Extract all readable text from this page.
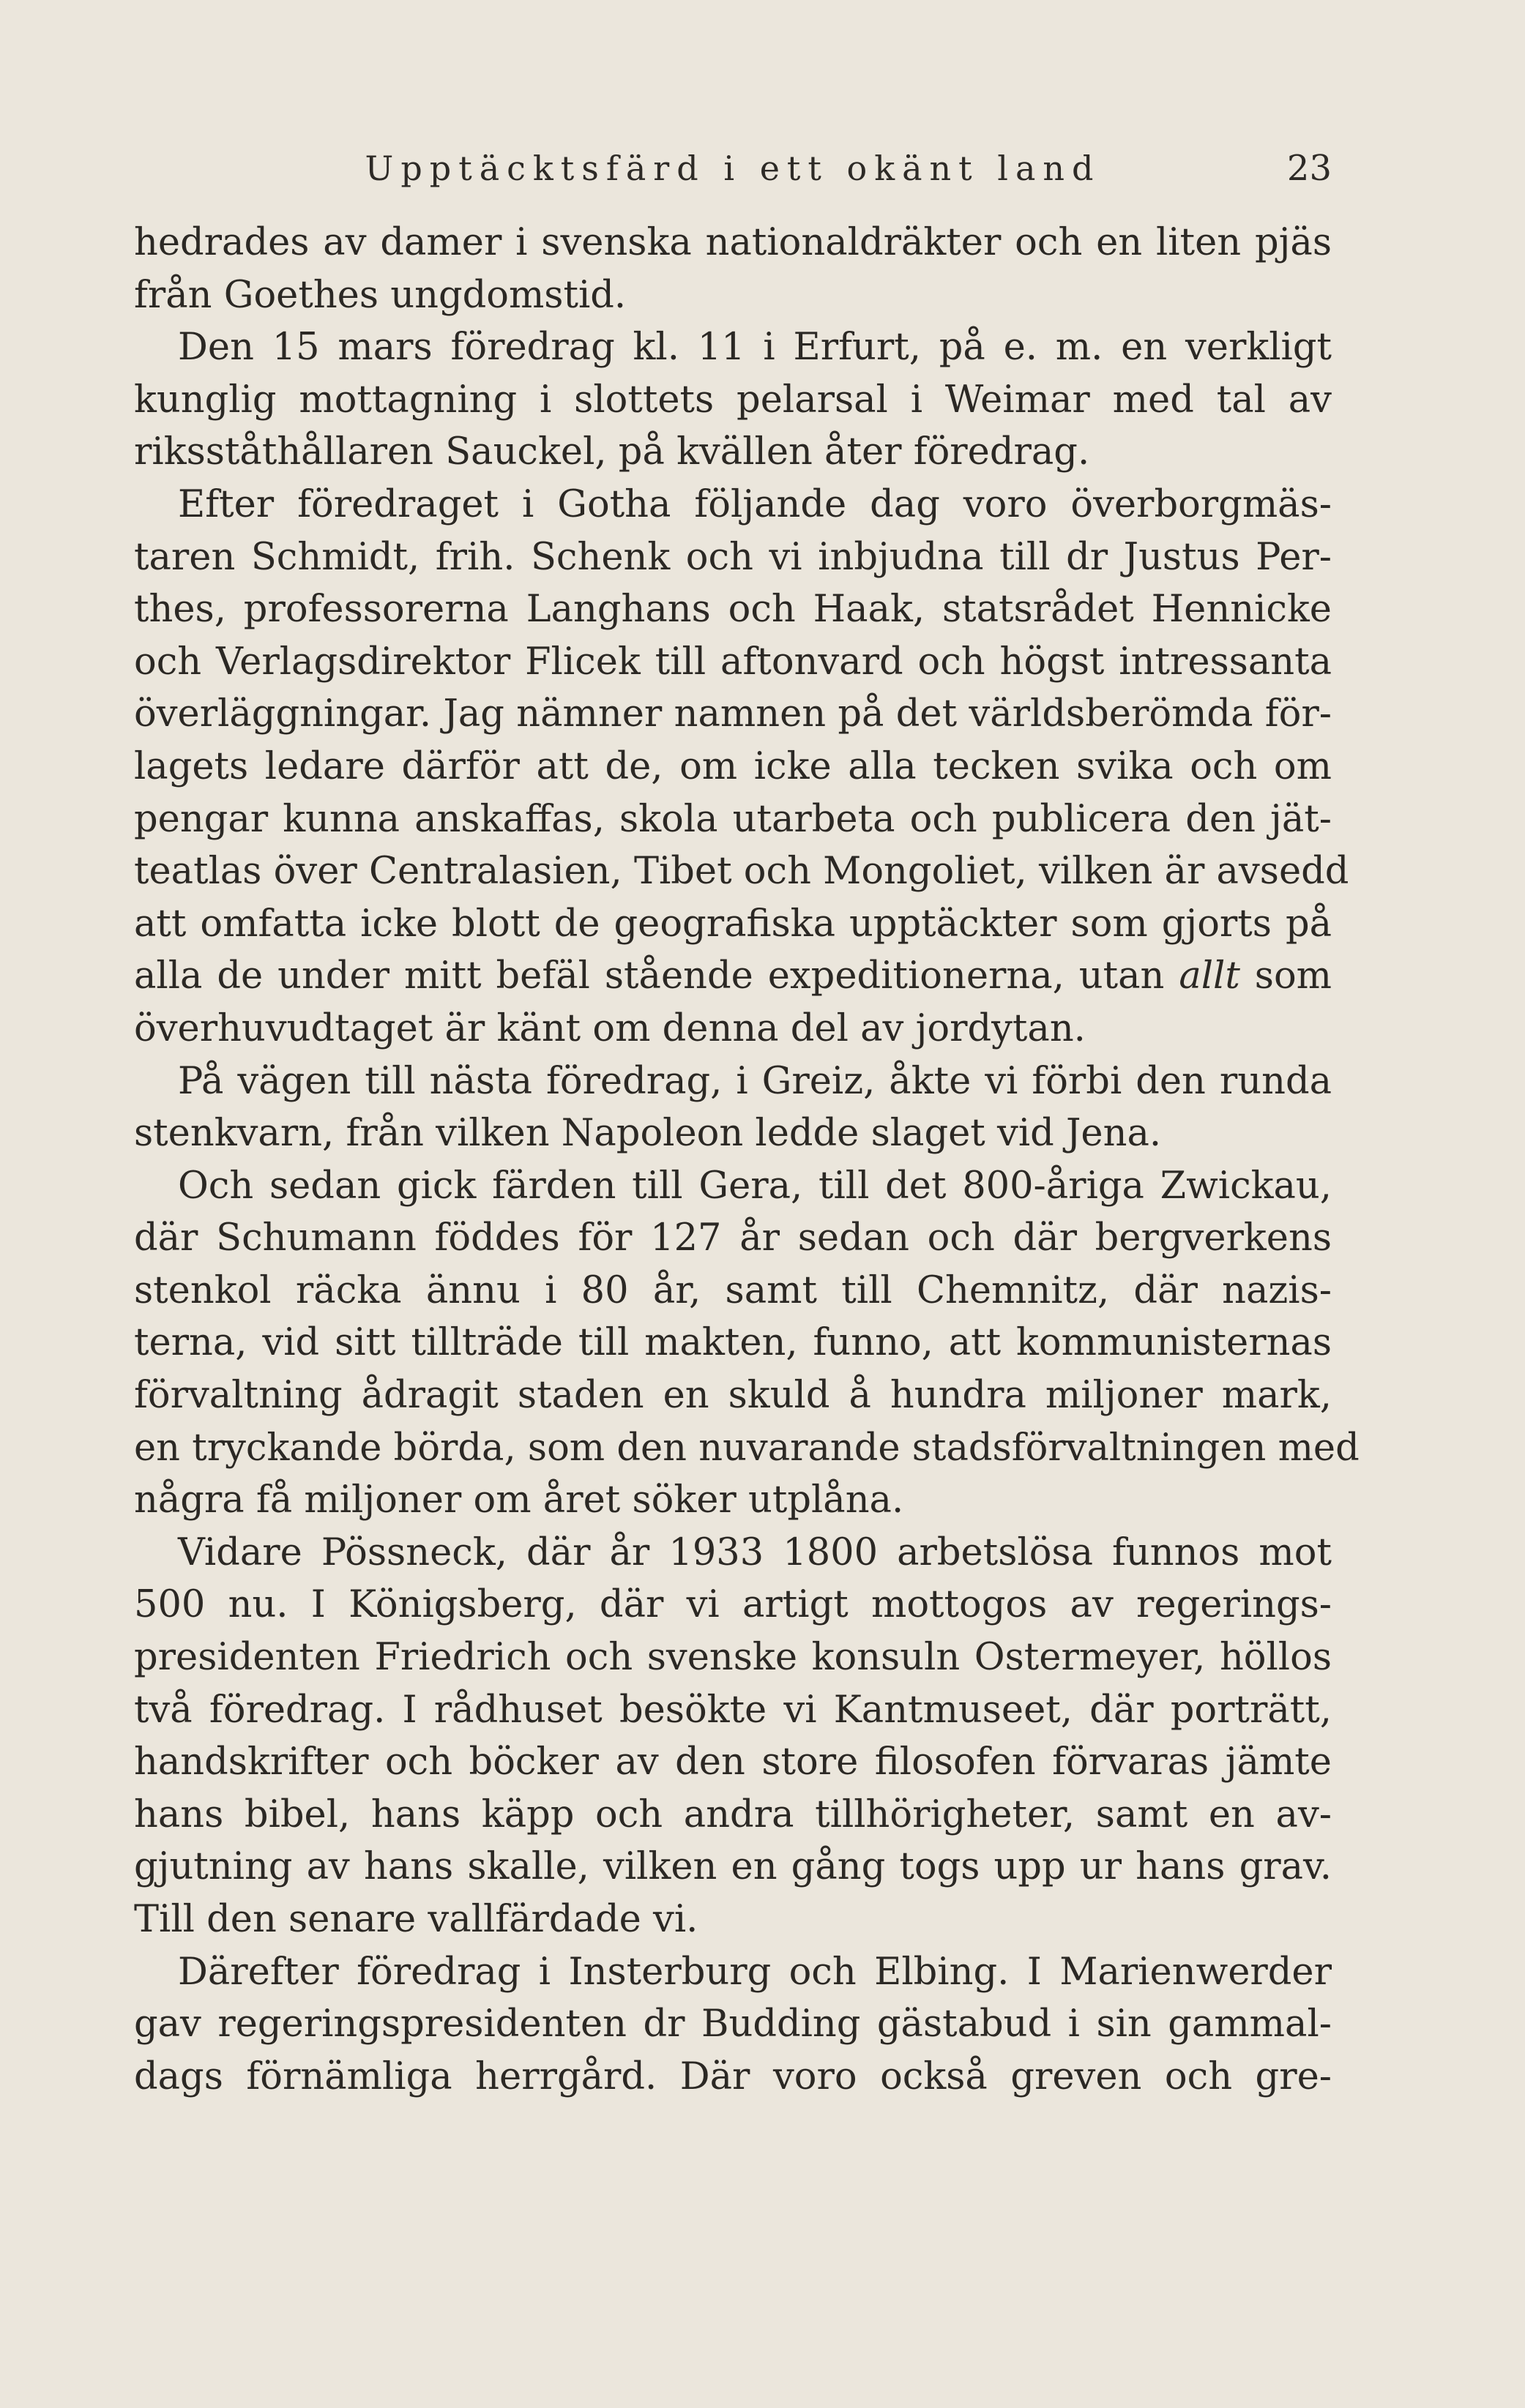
Upptäcktsfärd i ett okänt land	23
hedrades av damer i svenska nationaldräkter och en liten pjäs
från Goethes ungdomstid.
Den 15 mars föredrag kl. 11 i Erfurt, på e. m. en verkligt
kunglig mottagning i slottets pelarsal i Weimar med tal av
riksståthållaren Sauckel, på kvällen åter föredrag.
Efter föredraget i Gotha följande dag voro överborgmäs-
taren Schmidt, frih. Schenk och vi inbjudna till dr Justus Per-
thes, professorerna Langhans och Haak, statsrådet Hennicke
och Verlagsdirektor Flicek till aftonvard och högst intressanta
överläggningar. Jag nämner namnen på det världsberömda för-
lagets ledare därför att de, om icke alla tecken svika och om
pengar kunna anskaffas, skola utarbeta och publicera den jät-
teatlas över Centralasien, Tibet och Mongoliet, vilken är avsedd
att omfatta icke blott de geografiska upptäckter som gjorts på
alla de under mitt befäl stående expeditionerna, utan allt som
överhuvudtaget är känt om denna del av jordytan.
På vägen till nästa föredrag, i Greiz, åkte vi förbi den runda
stenkvarn, från vilken Napoleon ledde slaget vid Jena.
Och sedan gick färden till Gera, till det 800-åriga Zwickau,
där Schumann föddes för 127 år sedan och där bergverkens
stenkol räcka ännu i 80 år, samt till Chemnitz, där nazis-
terna, vid sitt tillträde till makten, funno, att kommunisternas
förvaltning ådragit staden en skuld å hundra miljoner mark,
en tryckande börda, som den nuvarande stadsförvaltningen med
några få miljoner om året söker utplåna.
Vidare Pössneck, där år 1933 1800 arbetslösa funnos mot
500 nu. I Königsberg, där vi artigt mottogos av regerings-
presidenten Friedrich och svenske konsuln Ostermeyer, höllos
två föredrag. I rådhuset besökte vi Kantmuseet, där porträtt,
handskrifter och böcker av den store filosofen förvaras jämte
hans bibel, hans käpp och andra tillhörigheter, samt en av-
gjutning av hans skalle, vilken en gång togs upp ur hans grav.
Till den senare vallfärdade vi.
Därefter föredrag i Insterburg och Elbing. I Marienwerder
gav regeringspresidenten dr Budding gästabud i sin gammal-
dags förnämliga herrgård. Där voro också greven och gre-
